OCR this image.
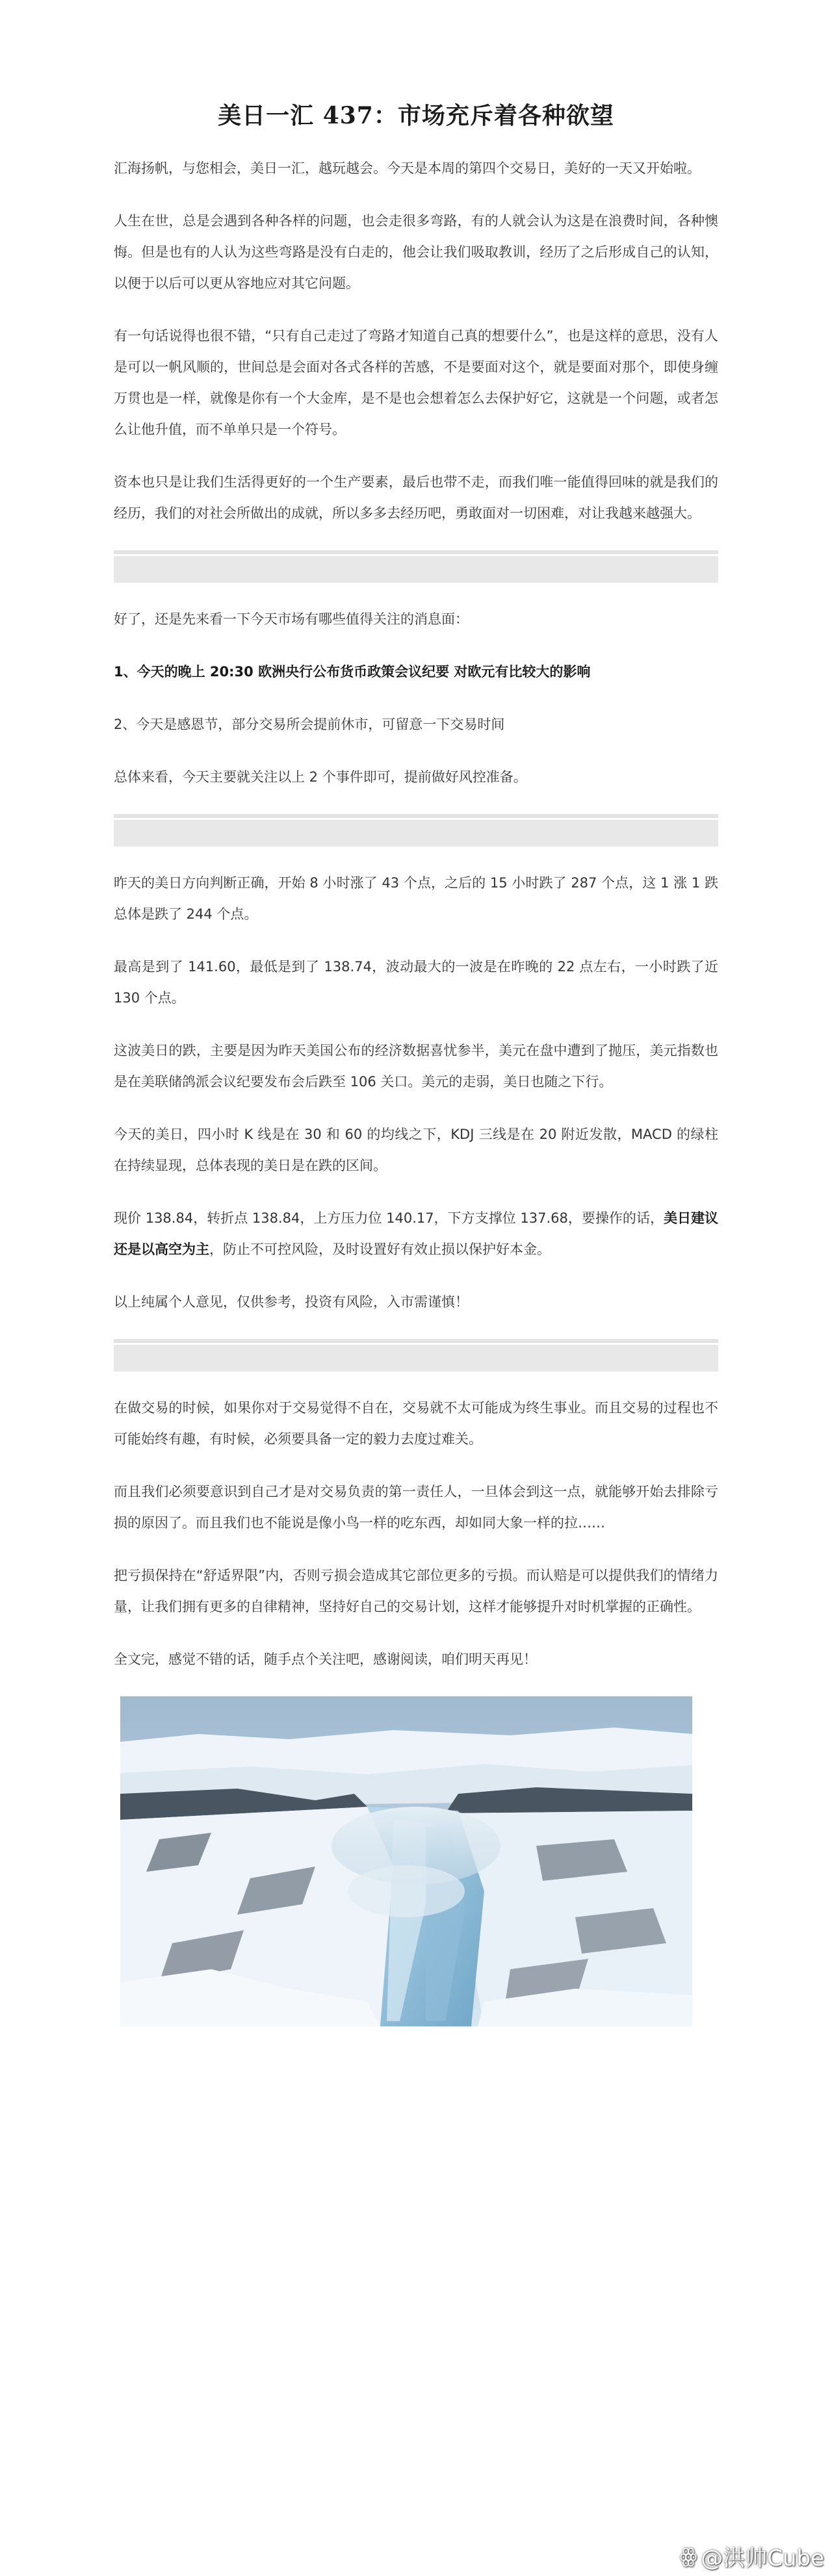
美日一汇 437：市场充斥着各种欲望

汇海扬帆，与您相会，美日一汇，越玩越会。今天是本周的第四个交易日，美好的一天又开始啦。

人生在世，总是会遇到各种各样的问题，也会走很多弯路，有的人就会认为这是在浪费时间，各种懊悔。但是也有的人认为这些弯路是没有白走的，他会让我们吸取教训，经历了之后形成自己的认知，以便于以后可以更从容地应对其它问题。

有一句话说得也很不错，“只有自己走过了弯路才知道自己真的想要什么”，也是这样的意思，没有人是可以一帆风顺的，世间总是会面对各式各样的苦感，不是要面对这个，就是要面对那个，即使身缠万贯也是一样，就像是你有一个大金库，是不是也会想着怎么去保护好它，这就是一个问题，或者怎么让他升值，而不单单只是一个符号。

资本也只是让我们生活得更好的一个生产要素，最后也带不走，而我们唯一能值得回味的就是我们的经历，我们的对社会所做出的成就，所以多多去经历吧，勇敢面对一切困难，对让我越来越强大。

好了，还是先来看一下今天市场有哪些值得关注的消息面：

1、今天的晚上 20:30 欧洲央行公布货币政策会议纪要 对欧元有比较大的影响

2、今天是感恩节，部分交易所会提前休市，可留意一下交易时间

总体来看，今天主要就关注以上 2 个事件即可，提前做好风控准备。

昨天的美日方向判断正确，开始 8 小时涨了 43 个点，之后的 15 小时跌了 287 个点，这 1 涨 1 跌总体是跌了 244 个点。

最高是到了 141.60，最低是到了 138.74，波动最大的一波是在昨晚的 22 点左右，一小时跌了近 130 个点。

这波美日的跌，主要是因为昨天美国公布的经济数据喜忧参半，美元在盘中遭到了抛压，美元指数也是在美联储鸽派会议纪要发布会后跌至 106 关口。美元的走弱，美日也随之下行。

今天的美日，四小时 K 线是在 30 和 60 的均线之下，KDJ 三线是在 20 附近发散，MACD 的绿柱在持续显现，总体表现的美日是在跌的区间。

现价 138.84，转折点 138.84，上方压力位 140.17，下方支撑位 137.68，要操作的话，美日建议还是以高空为主，防止不可控风险，及时设置好有效止损以保护好本金。

以上纯属个人意见，仅供参考，投资有风险，入市需谨慎！

在做交易的时候，如果你对于交易觉得不自在，交易就不太可能成为终生事业。而且交易的过程也不可能始终有趣，有时候，必须要具备一定的毅力去度过难关。

而且我们必须要意识到自己才是对交易负责的第一责任人，一旦体会到这一点，就能够开始去排除亏损的原因了。而且我们也不能说是像小鸟一样的吃东西，却如同大象一样的拉……

把亏损保持在“舒适界限”内，否则亏损会造成其它部位更多的亏损。而认赔是可以提供我们的情绪力量，让我们拥有更多的自律精神，坚持好自己的交易计划，这样才能够提升对时机掌握的正确性。

全文完，感觉不错的话，随手点个关注吧，感谢阅读，咱们明天再见！

ꙮ @洪帅Cube
